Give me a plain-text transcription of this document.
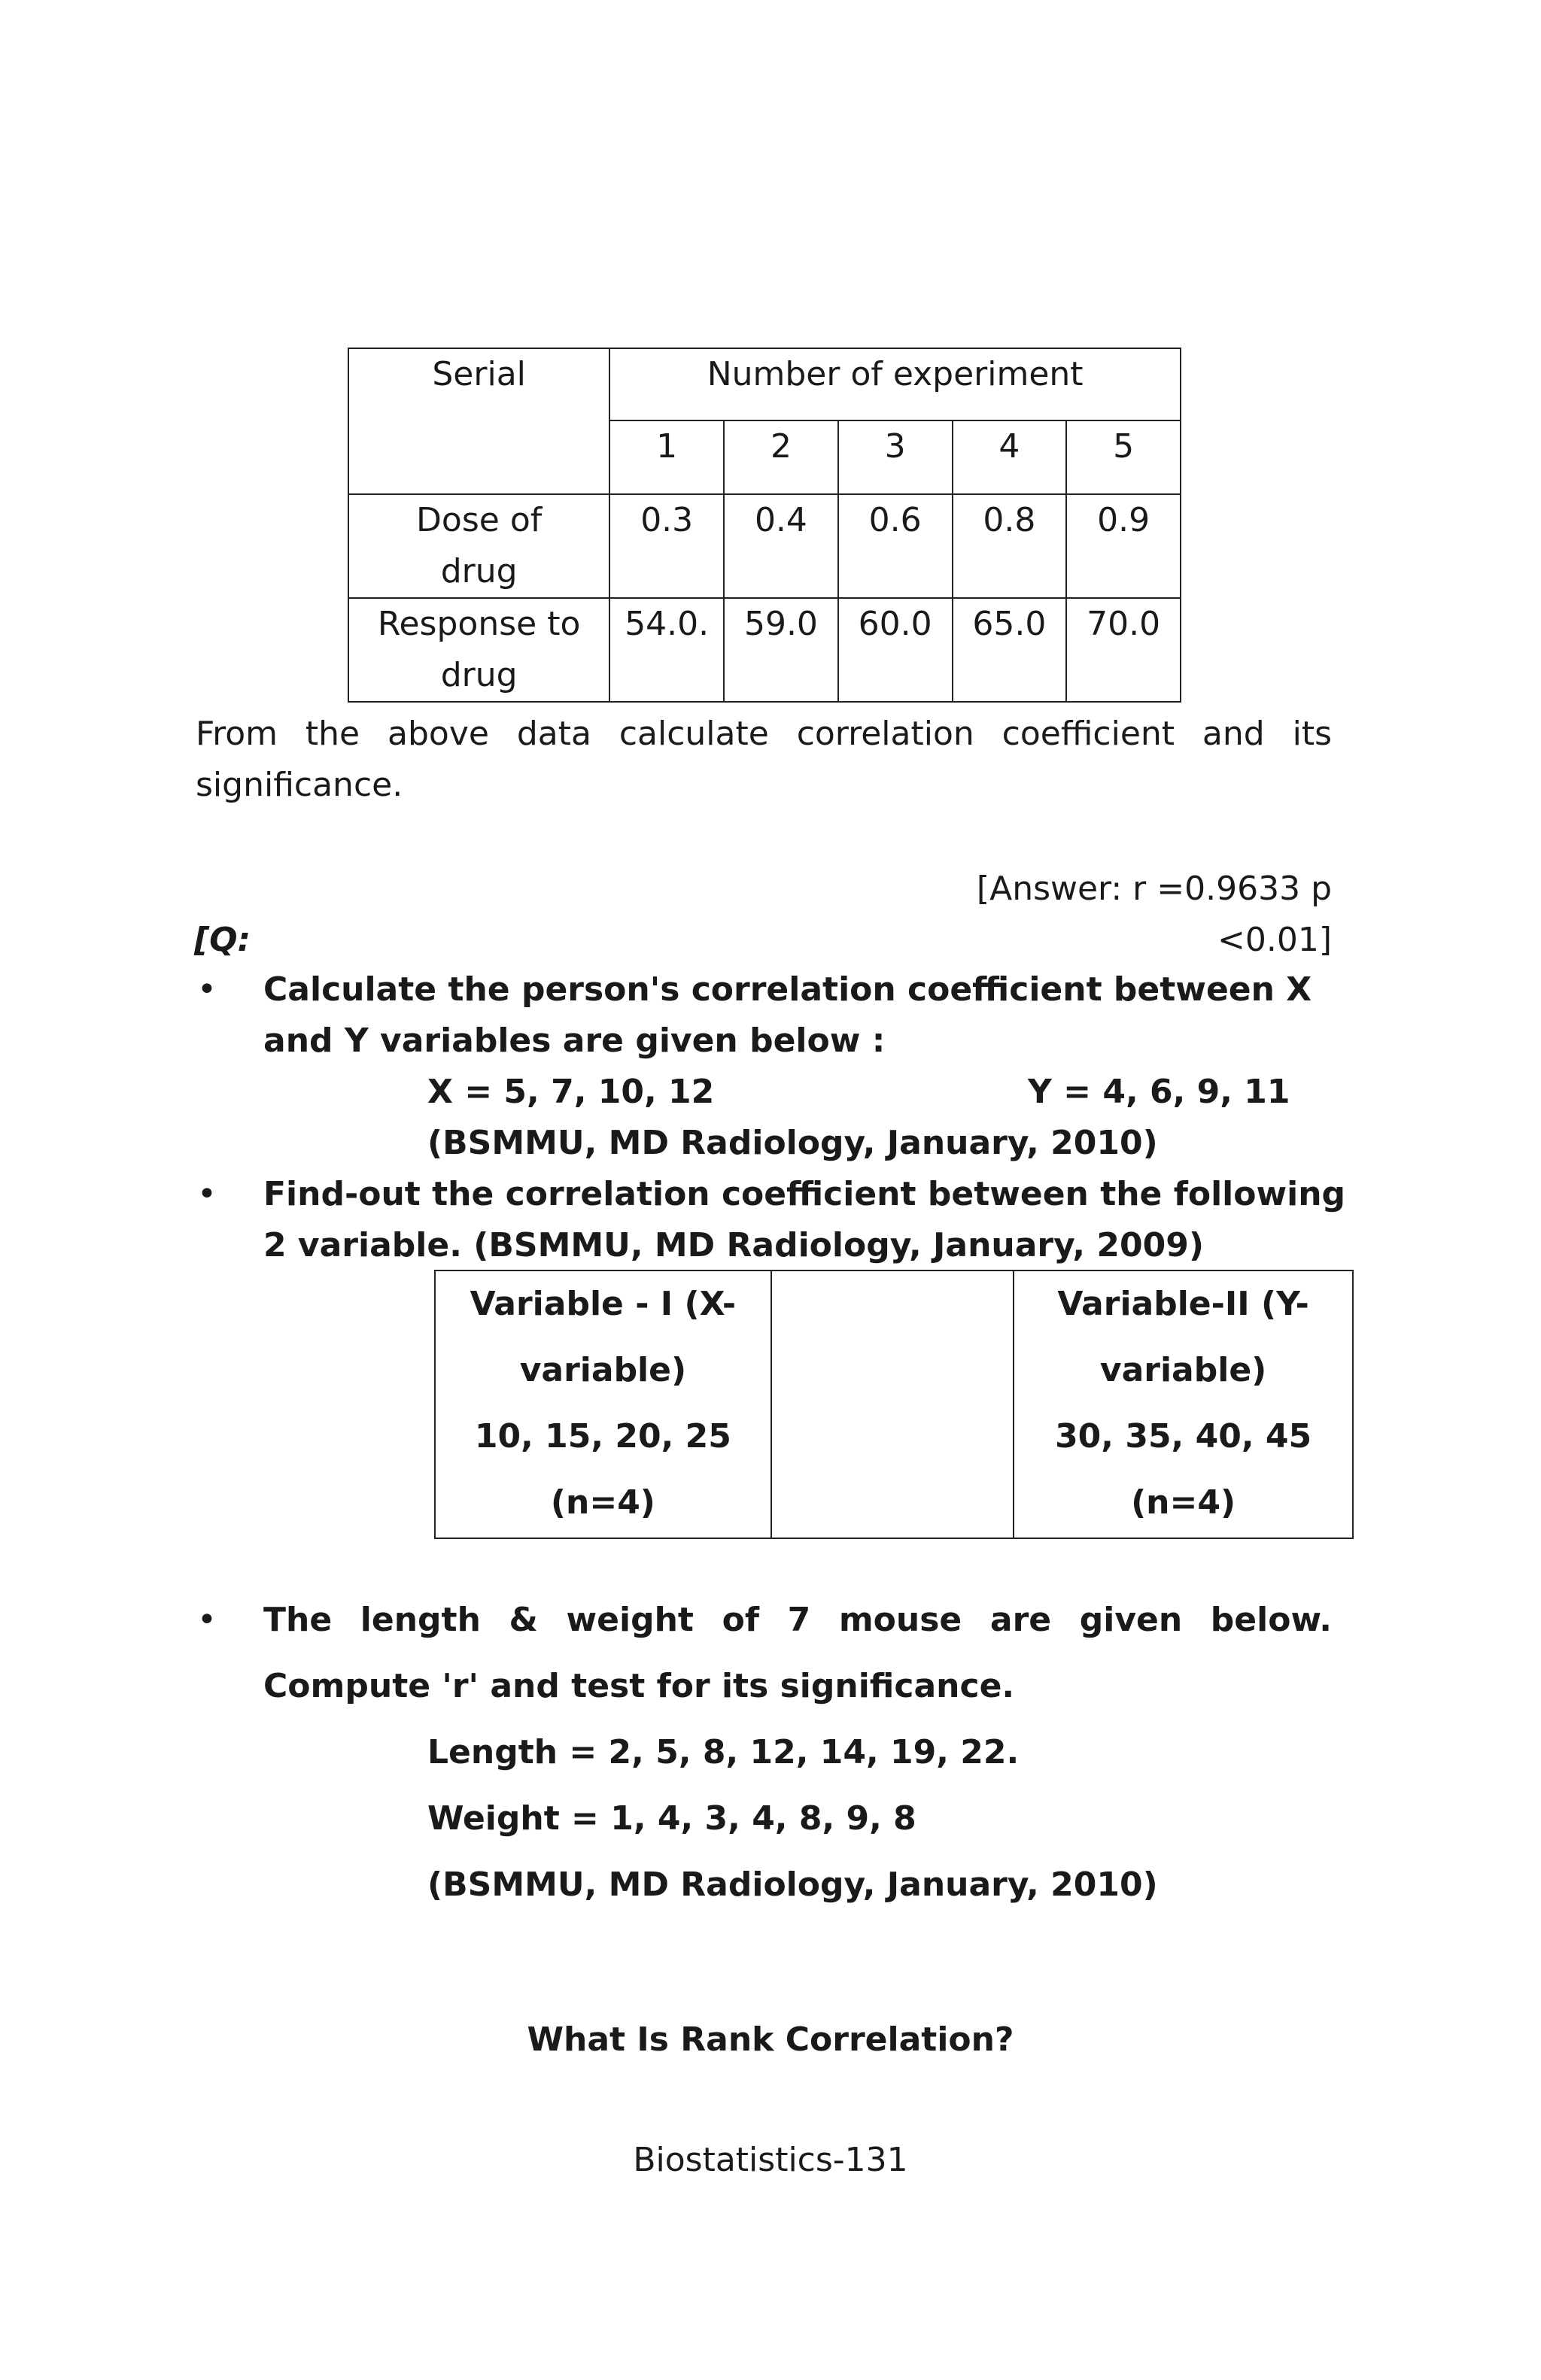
Serial	Number of experiment				
	1	2	3	4	5

Dose of
drug	0.3	0.4	0.6	0.8	0.9

Response to
drug	54.0.	59.0	60.0	65.0	70.0
From the above data calculate correlation coefficient and its significance.
[Answer: r =0.9633 p <0.01]
[Q:
• Calculate the person's correlation coefficient between X
and Y variables are given below :
X = 5, 7, 10, 12	Y = 4, 6, 9, 11
(BSMMU, MD Radiology, January, 2010)
• Find-out the correlation coefficient between the following
2 variable. (BSMMU, MD Radiology, January, 2009)
Variable - I (X-
variable)
10, 15, 20, 25
(n=4)

Variable-II (Y-
variable)
30, 35, 40, 45
(n=4)
• The length & weight of 7 mouse are given below.
Compute 'r' and test for its significance.
Length = 2, 5, 8, 12, 14, 19, 22.
Weight = 1, 4, 3, 4, 8, 9, 8
(BSMMU, MD Radiology, January, 2010)
What Is Rank Correlation?
Biostatistics-131
